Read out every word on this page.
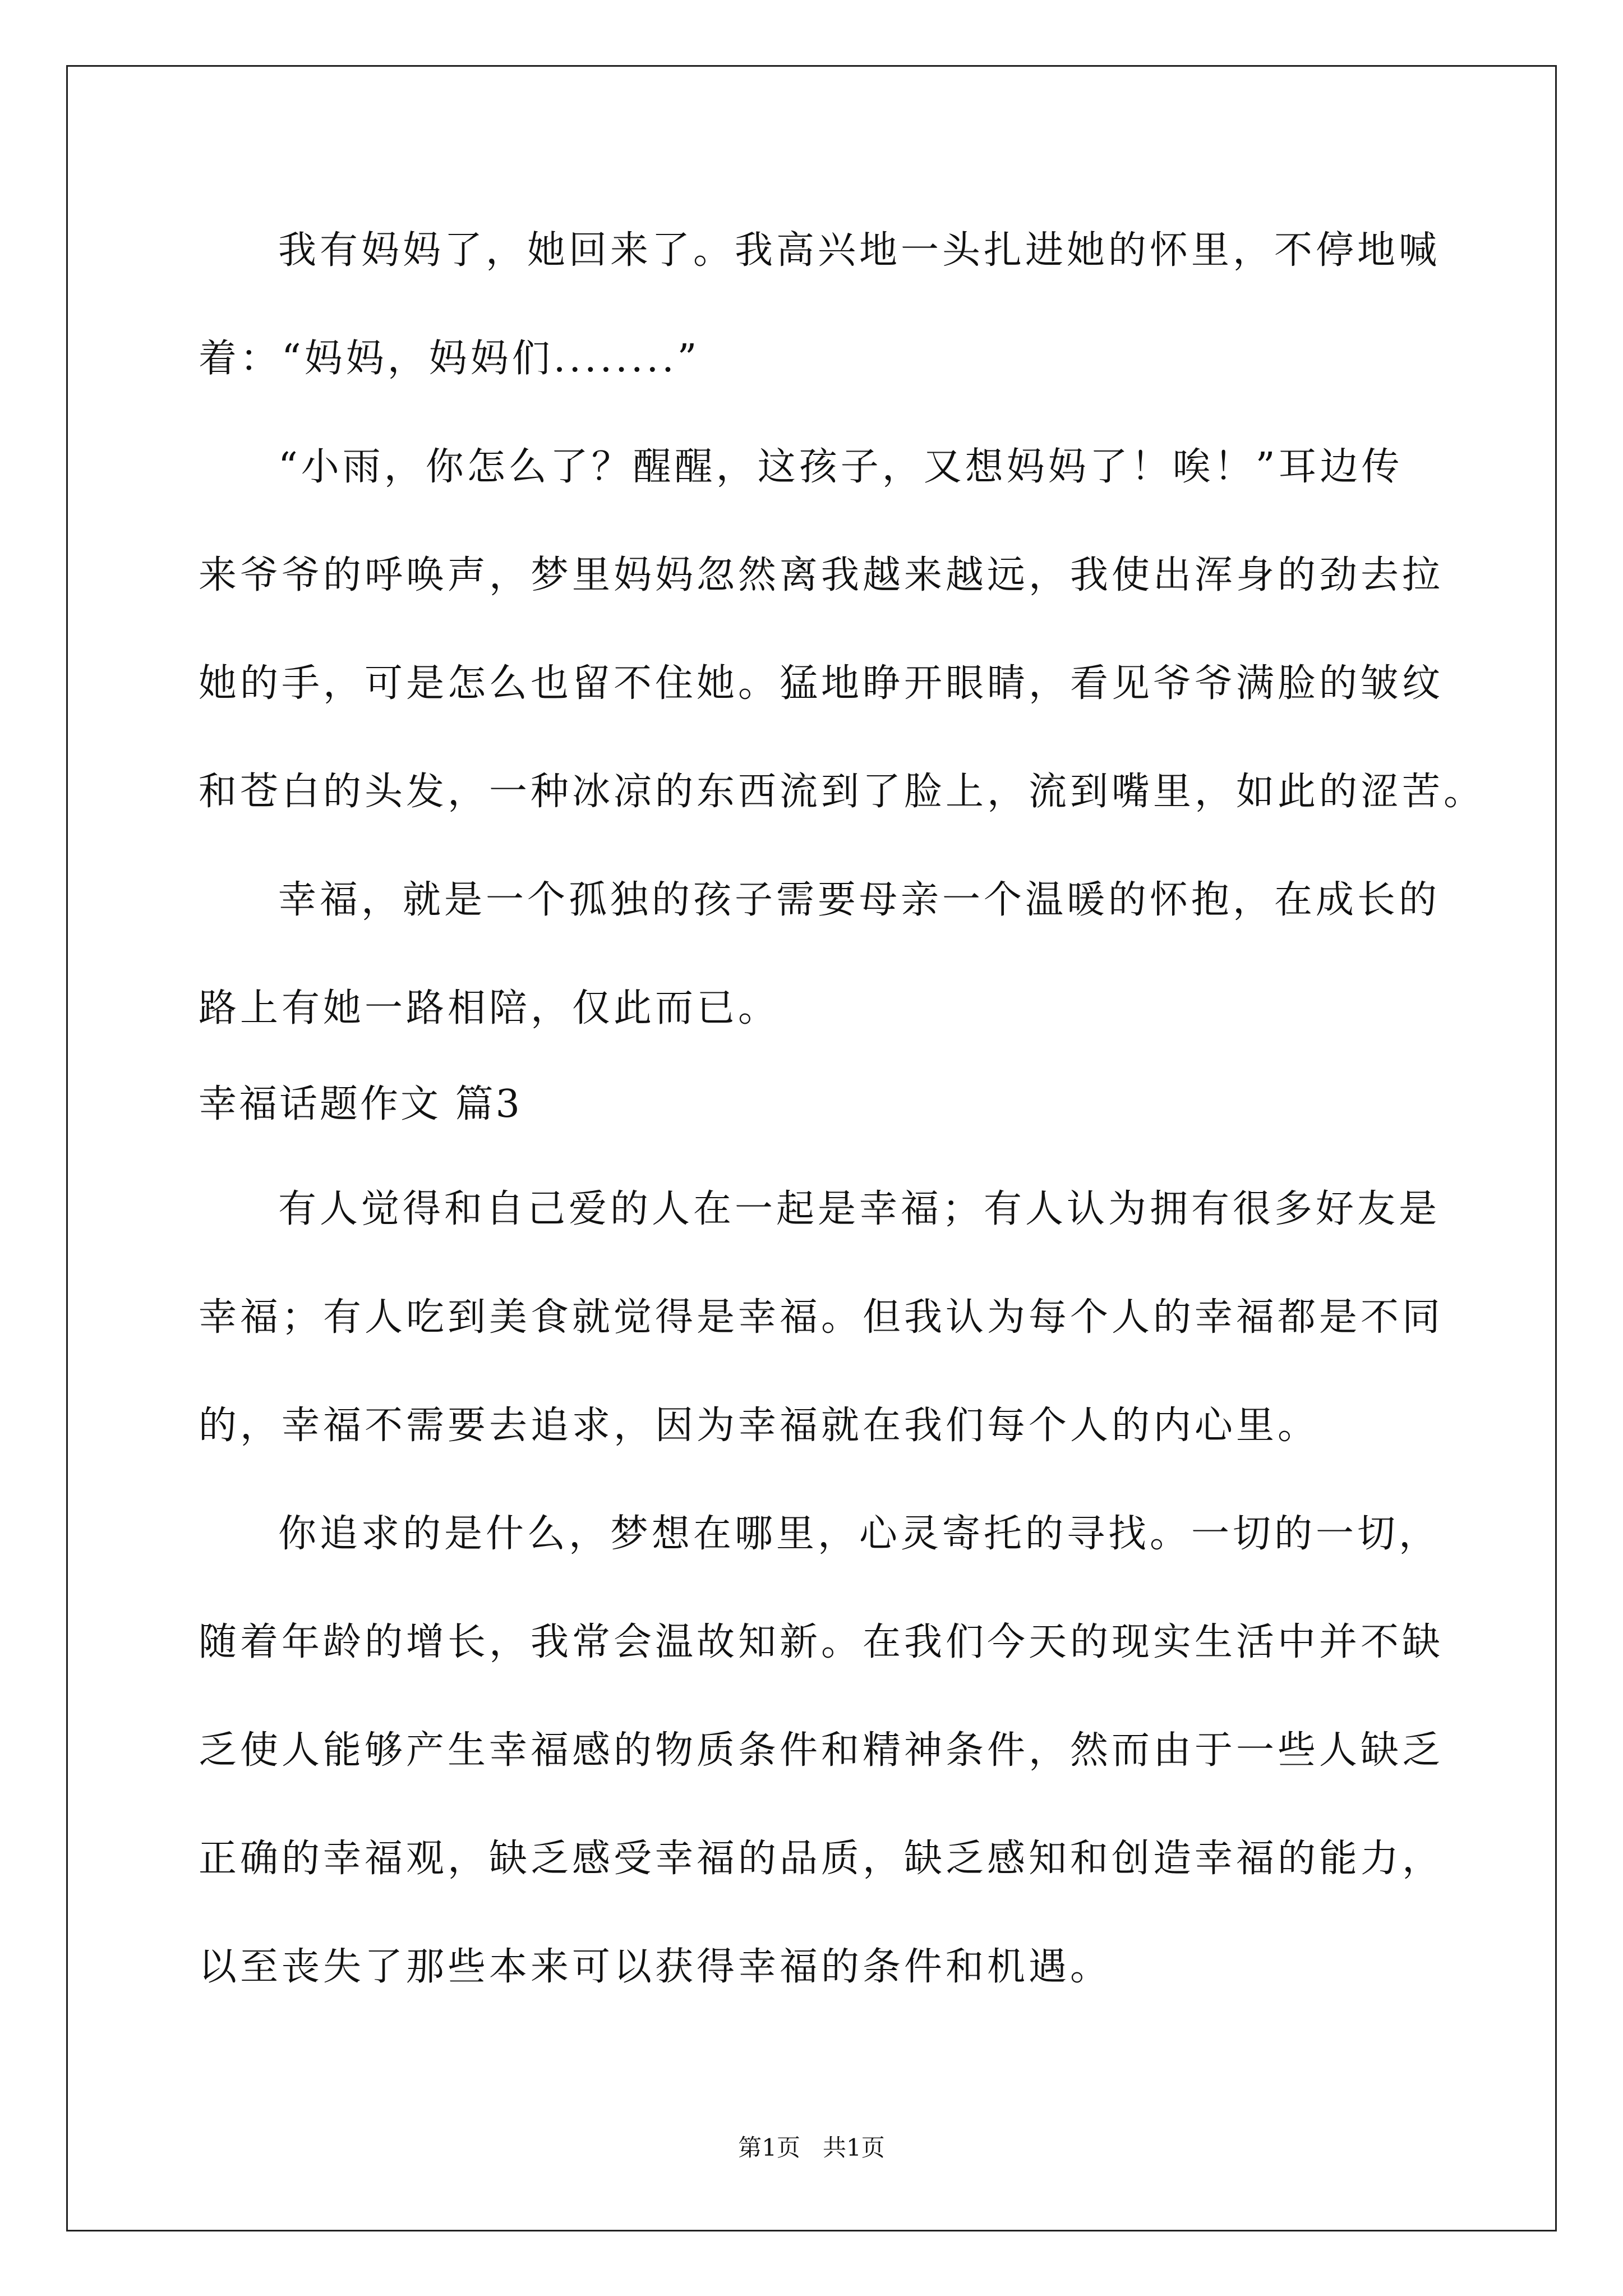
我有妈妈了，她回来了。我高兴地一头扎进她的怀里，不停地喊
着：“妈妈，妈妈们........”
“小雨，你怎么了？醒醒，这孩子，又想妈妈了！唉！”耳边传
来爷爷的呼唤声，梦里妈妈忽然离我越来越远，我使出浑身的劲去拉
她的手，可是怎么也留不住她。猛地睁开眼睛，看见爷爷满脸的皱纹
和苍白的头发，一种冰凉的东西流到了脸上，流到嘴里，如此的涩苦。
幸福，就是一个孤独的孩子需要母亲一个温暖的怀抱，在成长的
路上有她一路相陪，仅此而已。
幸福话题作文 篇3
有人觉得和自己爱的人在一起是幸福；有人认为拥有很多好友是
幸福；有人吃到美食就觉得是幸福。但我认为每个人的幸福都是不同
的，幸福不需要去追求，因为幸福就在我们每个人的内心里。
你追求的是什么，梦想在哪里，心灵寄托的寻找。一切的一切，
随着年龄的增长，我常会温故知新。在我们今天的现实生活中并不缺
乏使人能够产生幸福感的物质条件和精神条件，然而由于一些人缺乏
正确的幸福观，缺乏感受幸福的品质，缺乏感知和创造幸福的能力，
以至丧失了那些本来可以获得幸福的条件和机遇。
第1页   共1页
